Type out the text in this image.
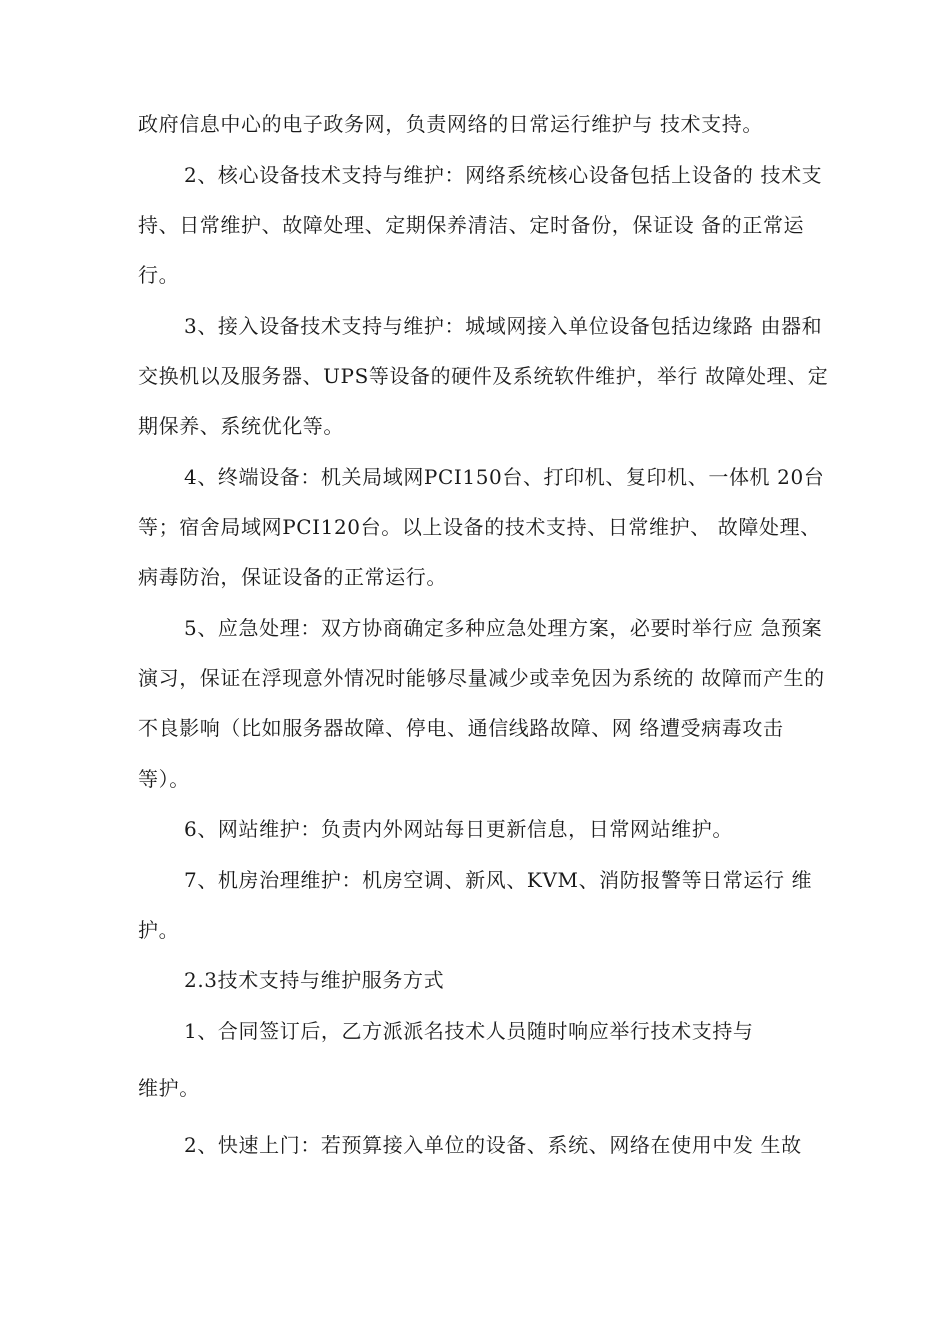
政府信息中心的电子政务网，负责网络的日常运行维护与 技术支持。
2、核心设备技术支持与维护：网络系统核心设备包括上设备的 技术支
持、日常维护、故障处理、定期保养清洁、定时备份，保证设 备的正常运
行。
3、接入设备技术支持与维护：城域网接入单位设备包括边缘路 由器和
交换机以及服务器、UPS等设备的硬件及系统软件维护，举行 故障处理、定
期保养、系统优化等。
4、终端设备：机关局域网PCI150台、打印机、复印机、一体机 20台
等；宿舍局域网PCI120台。以上设备的技术支持、日常维护、 故障处理、
病毒防治，保证设备的正常运行。
5、应急处理：双方协商确定多种应急处理方案，必要时举行应 急预案
演习，保证在浮现意外情况时能够尽量减少或幸免因为系统的 故障而产生的
不良影响（比如服务器故障、停电、通信线路故障、网 络遭受病毒攻击
等）。
6、网站维护：负责内外网站每日更新信息，日常网站维护。
7、机房治理维护：机房空调、新风、KVM、消防报警等日常运行 维
护。
2.3技术支持与维护服务方式
1、合同签订后，乙方派派名技术人员随时响应举行技术支持与
维护。
2、快速上门：若预算接入单位的设备、系统、网络在使用中发 生故
